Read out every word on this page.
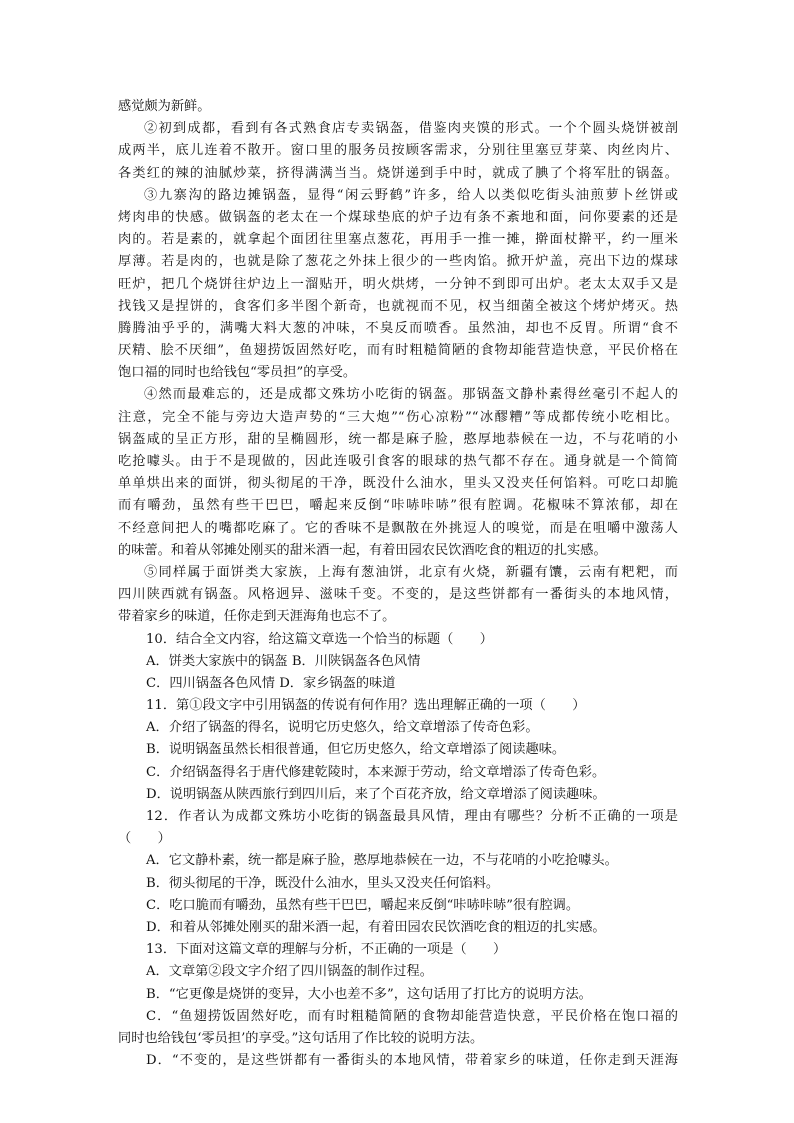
感觉颇为新鲜。
②初到成都，看到有各式熟食店专卖锅盔，借鉴肉夹馍的形式。一个个圆头烧饼被剖
成两半，底儿连着不散开。窗口里的服务员按顾客需求，分别往里塞豆芽菜、肉丝肉片、
各类红的辣的油腻炒菜，挤得满满当当。烧饼递到手中时，就成了腆了个将军肚的锅盔。
③九寨沟的路边摊锅盔，显得“闲云野鹤”许多，给人以类似吃街头油煎萝卜丝饼或
烤肉串的快感。做锅盔的老太在一个煤球垫底的炉子边有条不紊地和面，问你要素的还是
肉的。若是素的，就拿起个面团往里塞点葱花，再用手一推一摊，擀面杖擀平，约一厘米
厚薄。若是肉的，也就是除了葱花之外抹上很少的一些肉馅。掀开炉盖，亮出下边的煤球
旺炉，把几个烧饼往炉边上一溜贴开，明火烘烤，一分钟不到即可出炉。老太太双手又是
找钱又是捏饼的，食客们多半图个新奇，也就视而不见，权当细菌全被这个烤炉烤灭。热
腾腾油乎乎的，满嘴大料大葱的冲味，不臭反而喷香。虽然油，却也不反胃。所谓“食不
厌精、脍不厌细”，鱼翅捞饭固然好吃，而有时粗糙简陋的食物却能营造快意，平民价格在
饱口福的同时也给钱包“零员担”的享受。
④然而最难忘的，还是成都文殊坊小吃街的锅盔。那锅盔文静朴素得丝毫引不起人的
注意，完全不能与旁边大造声势的“三大炮”“伤心凉粉”“冰醪糟”等成都传统小吃相比。
锅盔咸的呈正方形，甜的呈椭圆形，统一都是麻子脸，憨厚地恭候在一边，不与花哨的小
吃抢噱头。由于不是现做的，因此连吸引食客的眼球的热气都不存在。通身就是一个简简
单单烘出来的面饼，彻头彻尾的干净，既没什么油水，里头又没夹任何馅料。可吃口却脆
而有嚼劲，虽然有些干巴巴，嚼起来反倒“咔哧咔哧”很有腔调。花椒味不算浓郁，却在
不经意间把人的嘴都吃麻了。它的香味不是飘散在外挑逗人的嗅觉，而是在咀嚼中激荡人
的味蕾。和着从邻摊处刚买的甜米酒一起，有着田园农民饮酒吃食的粗迈的扎实感。
⑤同样属于面饼类大家族，上海有葱油饼，北京有火烧，新疆有馕，云南有粑粑，而
四川陕西就有锅盔。风格迥异、滋味千变。不变的，是这些饼都有一番街头的本地风情，
带着家乡的味道，任你走到天涯海角也忘不了。
10．结合全文内容，给这篇文章选一个恰当的标题（　　）
A．饼类大家族中的锅盔 B．川陕锅盔各色风情
C．四川锅盔各色风情 D．家乡锅盔的味道
11．第①段文字中引用锅盔的传说有何作用？选出理解正确的一项（　　）
A．介绍了锅盔的得名，说明它历史悠久，给文章增添了传奇色彩。
B．说明锅盔虽然长相很普通，但它历史悠久，给文章增添了阅读趣味。
C．介绍锅盔得名于唐代修建乾陵时，本来源于劳动，给文章增添了传奇色彩。
D．说明锅盔从陕西旅行到四川后，来了个百花齐放，给文章增添了阅读趣味。
12．作者认为成都文殊坊小吃街的锅盔最具风情，理由有哪些？分析不正确的一项是
（　　）
A．它文静朴素，统一都是麻子脸，憨厚地恭候在一边，不与花哨的小吃抢噱头。
B．彻头彻尾的干净，既没什么油水，里头又没夹任何馅料。
C．吃口脆而有嚼劲，虽然有些干巴巴，嚼起来反倒“咔哧咔哧”很有腔调。
D．和着从邻摊处刚买的甜米酒一起，有着田园农民饮酒吃食的粗迈的扎实感。
13．下面对这篇文章的理解与分析，不正确的一项是（　　）
A．文章第②段文字介绍了四川锅盔的制作过程。
B．“它更像是烧饼的变异，大小也差不多”，这句话用了打比方的说明方法。
C．“鱼翅捞饭固然好吃，而有时粗糙简陋的食物却能营造快意，平民价格在饱口福的
同时也给钱包‘零员担’的享受。”这句话用了作比较的说明方法。
D．“不变的，是这些饼都有一番街头的本地风情，带着家乡的味道，任你走到天涯海
